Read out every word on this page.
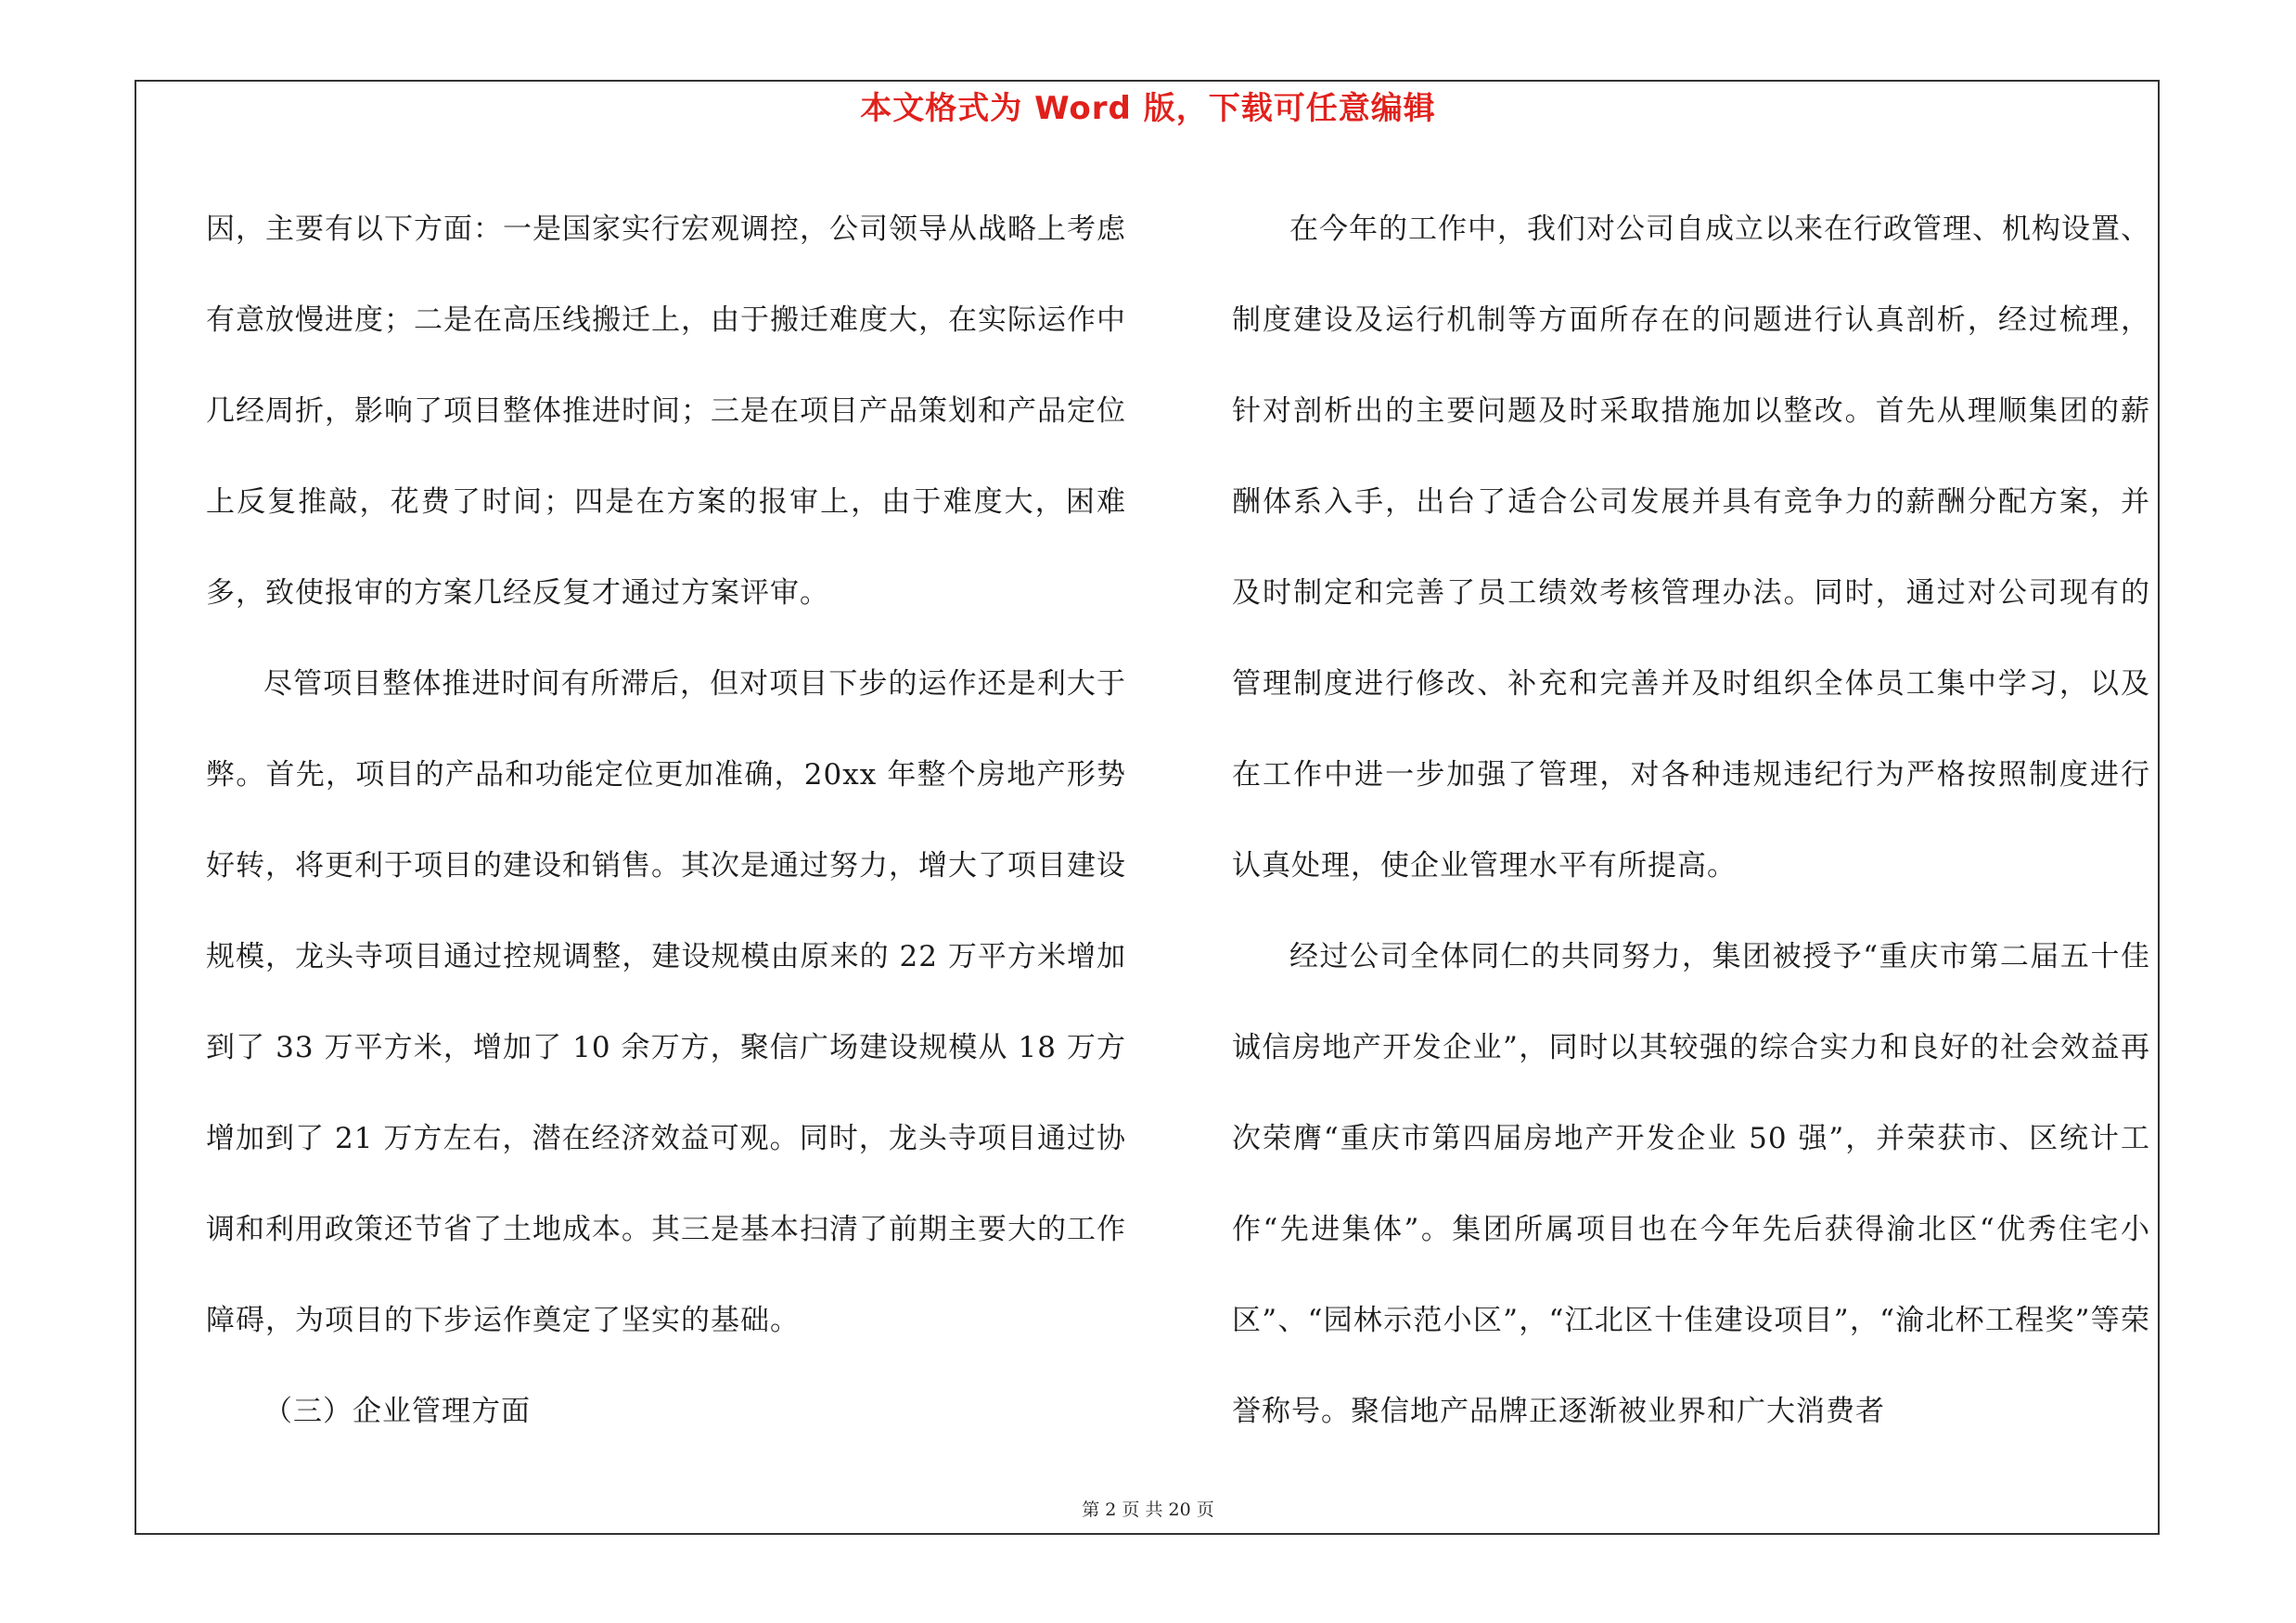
本文格式为 Word 版，下载可任意编辑

因，主要有以下方面：一是国家实行宏观调控，公司领导从战略上考虑有意放慢进度；二是在高压线搬迁上，由于搬迁难度大，在实际运作中几经周折，影响了项目整体推进时间；三是在项目产品策划和产品定位上反复推敲，花费了时间；四是在方案的报审上，由于难度大，困难多，致使报审的方案几经反复才通过方案评审。

尽管项目整体推进时间有所滞后，但对项目下步的运作还是利大于弊。首先，项目的产品和功能定位更加准确，20xx 年整个房地产形势好转，将更利于项目的建设和销售。其次是通过努力，增大了项目建设规模，龙头寺项目通过控规调整，建设规模由原来的 22 万平方米增加到了 33 万平方米，增加了 10 余万方，聚信广场建设规模从 18 万方增加到了 21 万方左右，潜在经济效益可观。同时，龙头寺项目通过协调和利用政策还节省了土地成本。其三是基本扫清了前期主要大的工作障碍，为项目的下步运作奠定了坚实的基础。

（三）企业管理方面

在今年的工作中，我们对公司自成立以来在行政管理、机构设置、制度建设及运行机制等方面所存在的问题进行认真剖析，经过梳理，针对剖析出的主要问题及时采取措施加以整改。首先从理顺集团的薪酬体系入手，出台了适合公司发展并具有竞争力的薪酬分配方案，并及时制定和完善了员工绩效考核管理办法。同时，通过对公司现有的管理制度进行修改、补充和完善并及时组织全体员工集中学习，以及在工作中进一步加强了管理，对各种违规违纪行为严格按照制度进行认真处理，使企业管理水平有所提高。

经过公司全体同仁的共同努力，集团被授予“重庆市第二届五十佳诚信房地产开发企业”，同时以其较强的综合实力和良好的社会效益再次荣膺“重庆市第四届房地产开发企业 50 强”，并荣获市、区统计工作“先进集体”。集团所属项目也在今年先后获得渝北区“优秀住宅小区”、“园林示范小区”，“江北区十佳建设项目”，“渝北杯工程奖”等荣誉称号。聚信地产品牌正逐渐被业界和广大消费者

第 2 页 共 20 页
